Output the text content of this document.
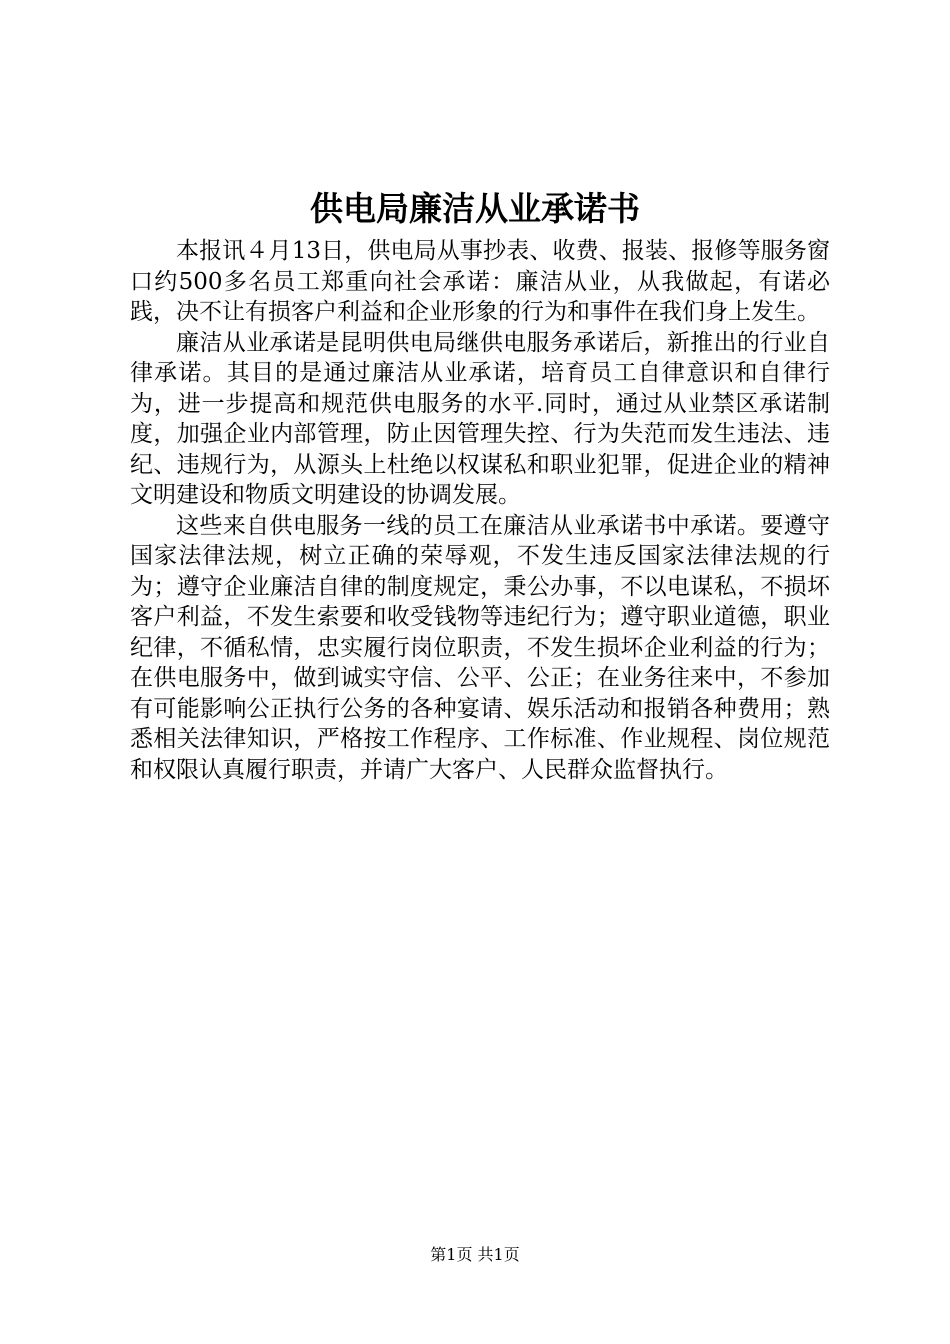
供电局廉洁从业承诺书

本报讯４月13日，供电局从事抄表、收费、报装、报修等服务窗口约500多名员工郑重向社会承诺：廉洁从业，从我做起，有诺必践，决不让有损客户利益和企业形象的行为和事件在我们身上发生。

廉洁从业承诺是昆明供电局继供电服务承诺后，新推出的行业自律承诺。其目的是通过廉洁从业承诺，培育员工自律意识和自律行为，进一步提高和规范供电服务的水平.同时，通过从业禁区承诺制度，加强企业内部管理，防止因管理失控、行为失范而发生违法、违纪、违规行为，从源头上杜绝以权谋私和职业犯罪，促进企业的精神文明建设和物质文明建设的协调发展。

这些来自供电服务一线的员工在廉洁从业承诺书中承诺。要遵守国家法律法规，树立正确的荣辱观，不发生违反国家法律法规的行为；遵守企业廉洁自律的制度规定，秉公办事，不以电谋私，不损坏客户利益，不发生索要和收受钱物等违纪行为；遵守职业道德，职业纪律，不循私情，忠实履行岗位职责，不发生损坏企业利益的行为；在供电服务中，做到诚实守信、公平、公正；在业务往来中，不参加有可能影响公正执行公务的各种宴请、娱乐活动和报销各种费用；熟悉相关法律知识，严格按工作程序、工作标准、作业规程、岗位规范和权限认真履行职责，并请广大客户、人民群众监督执行。

第1页 共1页
